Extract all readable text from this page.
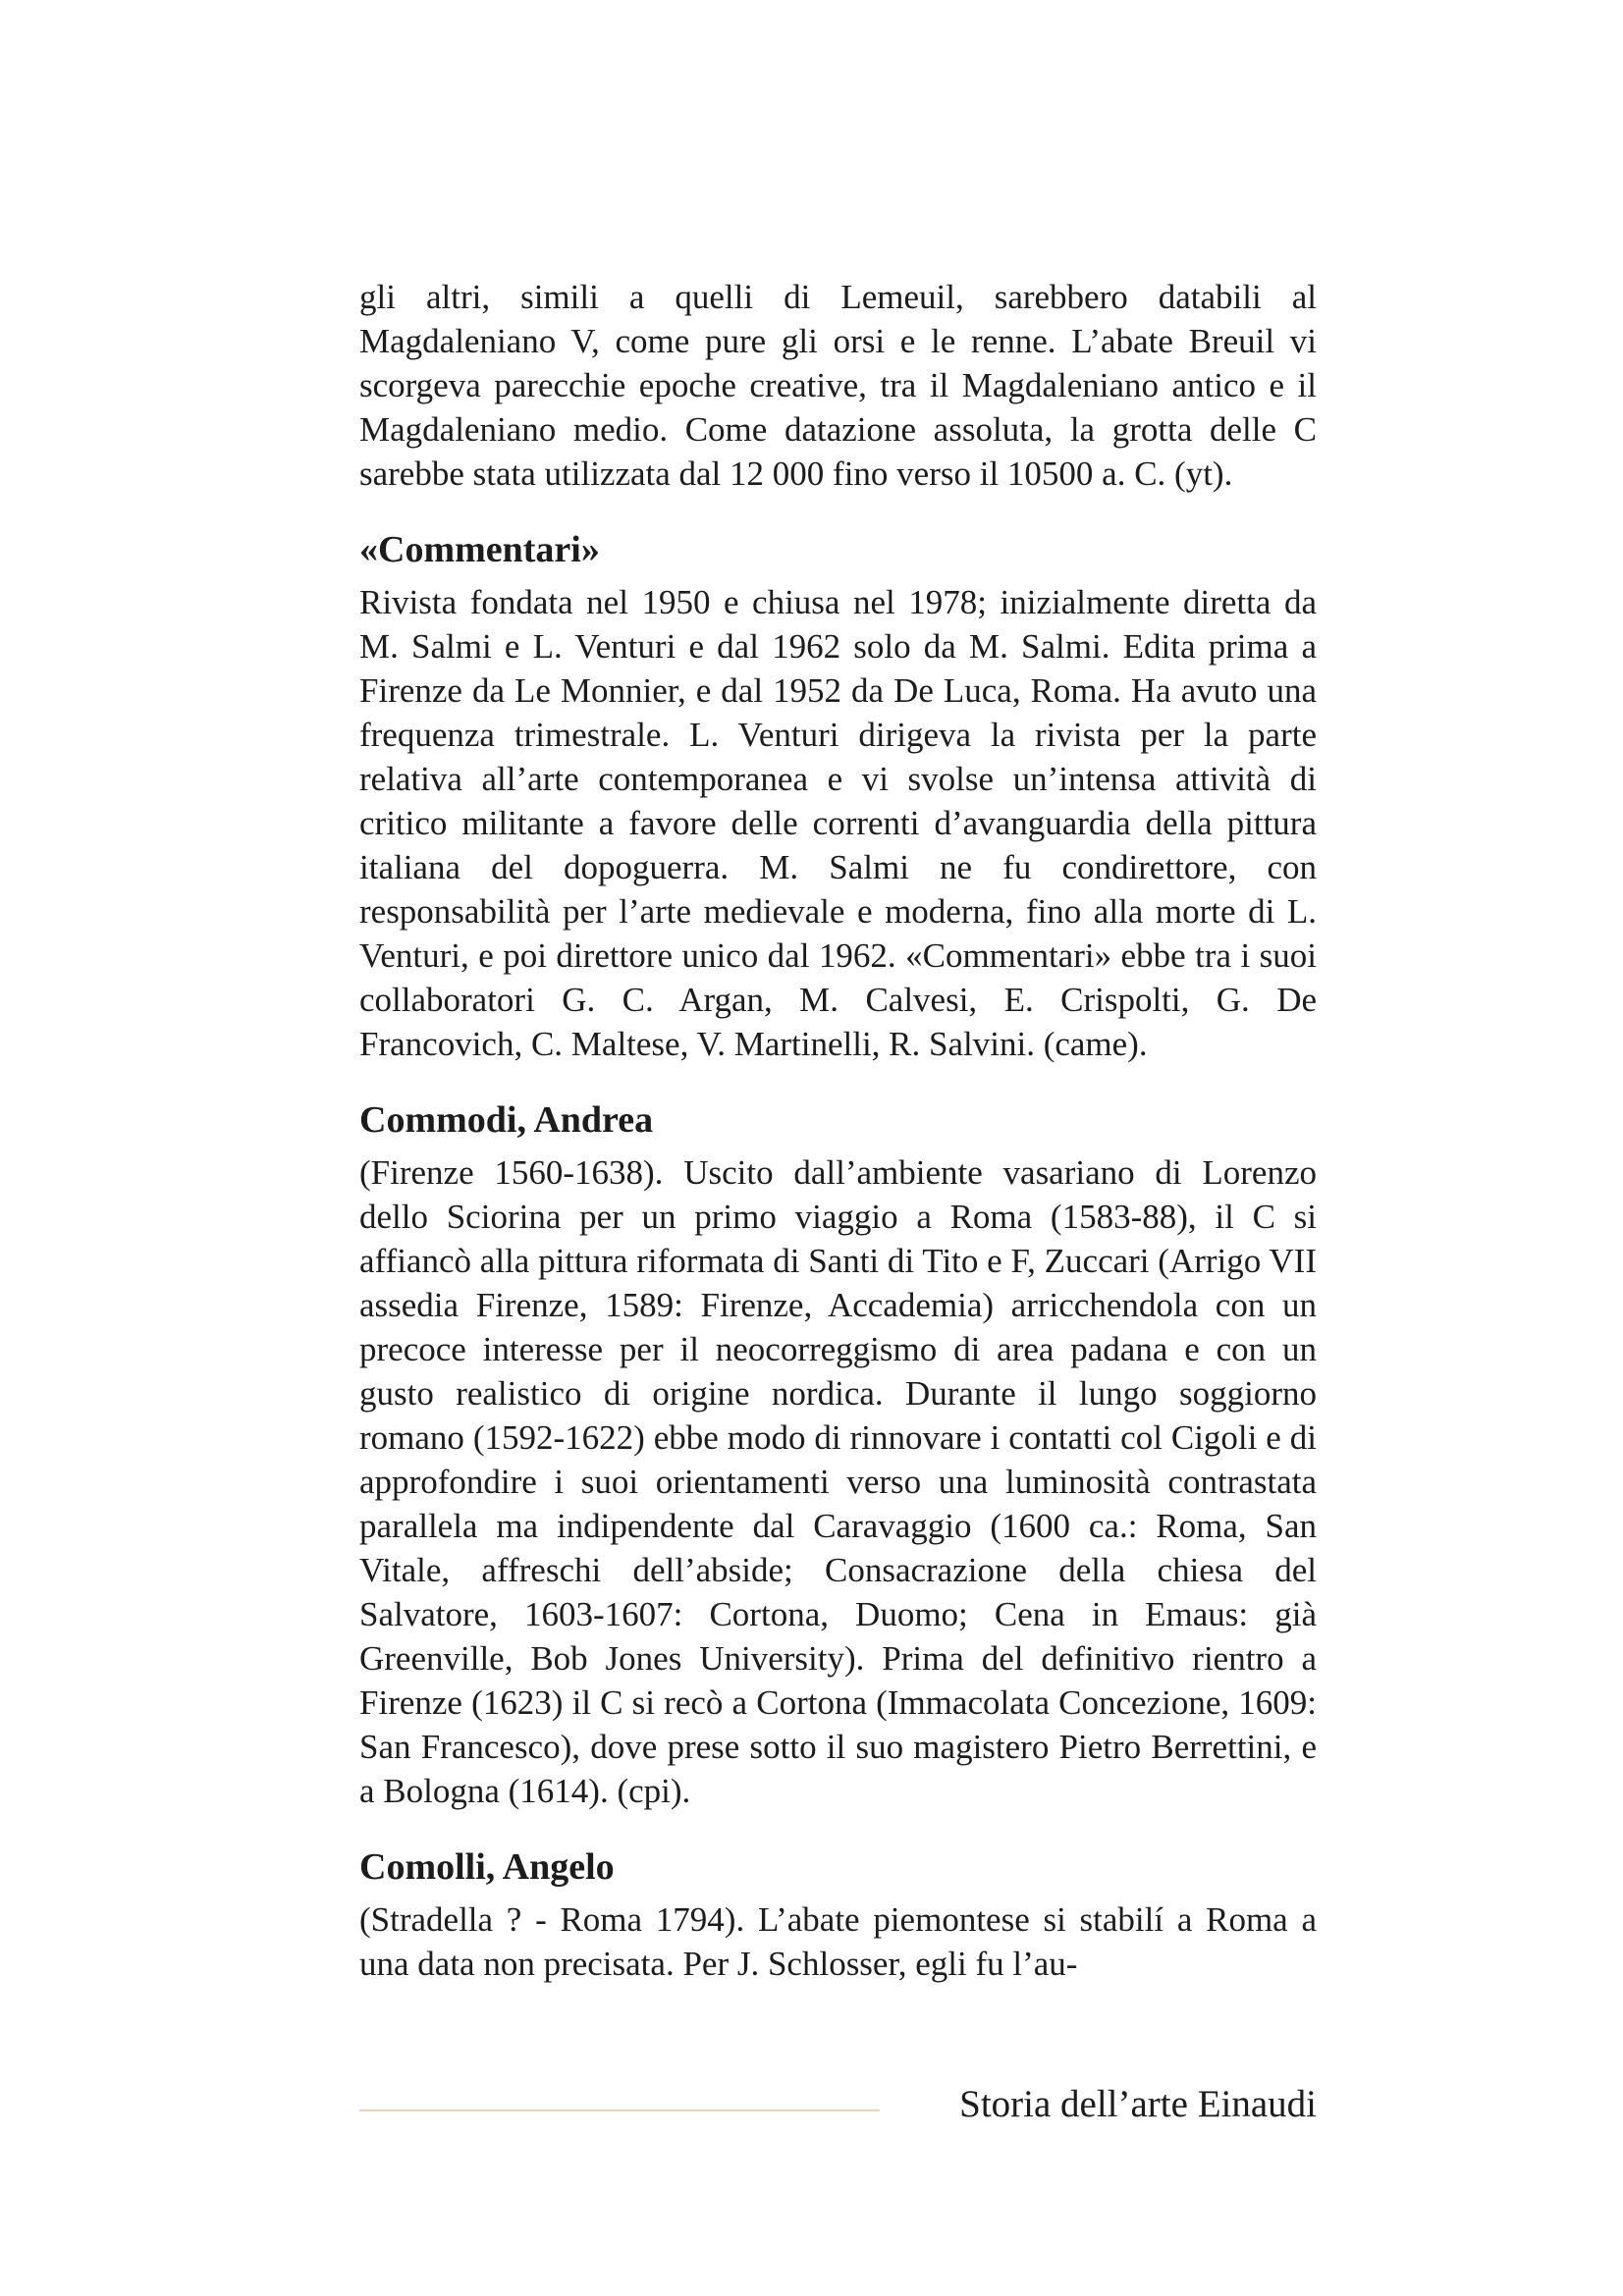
gli altri, simili a quelli di Lemeuil, sarebbero databili al Magdaleniano V, come pure gli orsi e le renne. L’abate Breuil vi scorgeva parecchie epoche creative, tra il Magdaleniano antico e il Magdaleniano medio. Come datazione assoluta, la grotta delle C sarebbe stata utilizzata dal 12 000 fino verso il 10500 a. C. (yt).

«Commentari»

Rivista fondata nel 1950 e chiusa nel 1978; inizialmente diretta da M. Salmi e L. Venturi e dal 1962 solo da M. Salmi. Edita prima a Firenze da Le Monnier, e dal 1952 da De Luca, Roma. Ha avuto una frequenza trimestrale. L. Venturi dirigeva la rivista per la parte relativa all’arte contemporanea e vi svolse un’intensa attività di critico militante a favore delle correnti d’avanguardia della pittura italiana del dopoguerra. M. Salmi ne fu condirettore, con responsabilità per l’arte medievale e moderna, fino alla morte di L. Venturi, e poi direttore unico dal 1962. «Commentari» ebbe tra i suoi collaboratori G. C. Argan, M. Calvesi, E. Crispolti, G. De Francovich, C. Maltese, V. Martinelli, R. Salvini. (came).

Commodi, Andrea

(Firenze 1560-1638). Uscito dall’ambiente vasariano di Lorenzo dello Sciorina per un primo viaggio a Roma (1583-88), il C si affiancò alla pittura riformata di Santi di Tito e F, Zuccari (Arrigo VII assedia Firenze, 1589: Firenze, Accademia) arricchendola con un precoce interesse per il neocorreggismo di area padana e con un gusto realistico di origine nordica. Durante il lungo soggiorno romano (1592-1622) ebbe modo di rinnovare i contatti col Cigoli e di approfondire i suoi orientamenti verso una luminosità contrastata parallela ma indipendente dal Caravaggio (1600 ca.: Roma, San Vitale, affreschi dell’abside; Consacrazione della chiesa del Salvatore, 1603-1607: Cortona, Duomo; Cena in Emaus: già Greenville, Bob Jones University). Prima del definitivo rientro a Firenze (1623) il C si recò a Cortona (Immacolata Concezione, 1609: San Francesco), dove prese sotto il suo magistero Pietro Berrettini, e a Bologna (1614). (cpi).

Comolli, Angelo

(Stradella ? - Roma 1794). L’abate piemontese si stabilí a Roma a una data non precisata. Per J. Schlosser, egli fu l’au-

Storia dell’arte Einaudi
